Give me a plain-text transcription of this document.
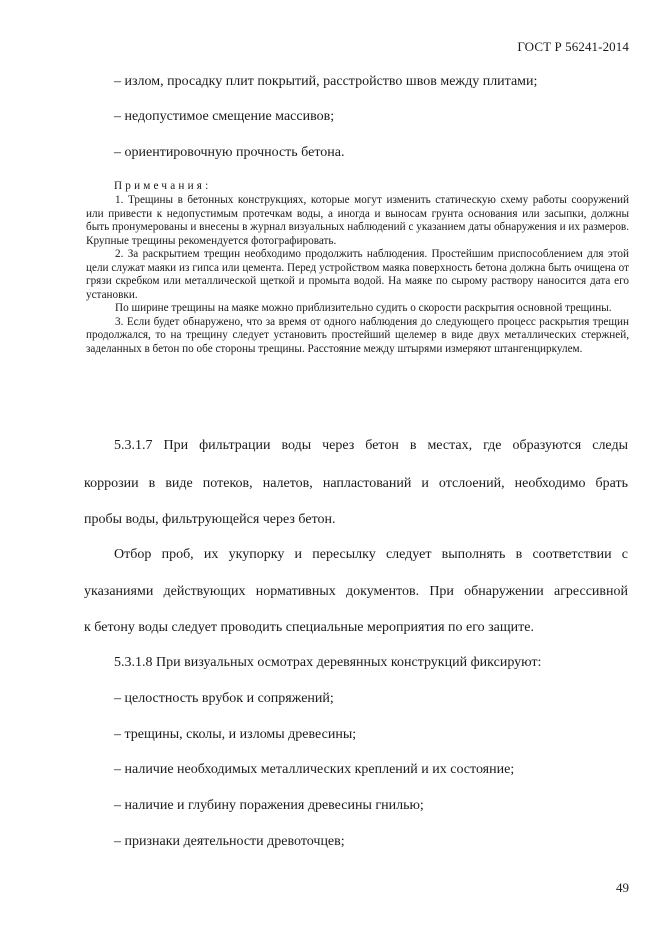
ГОСТ Р 56241-2014
– излом, просадку плит покрытий, расстройство швов между плитами;
– недопустимое смещение массивов;
– ориентировочную прочность бетона.
Примечания:
1. Трещины в бетонных конструкциях, которые могут изменить статическую схему работы сооружений или привести к недопустимым протечкам воды, а иногда и выносам грунта основания или засыпки, должны быть пронумерованы и внесены в журнал визуальных наблюдений с указанием даты обнаружения и их размеров. Крупные трещины рекомендуется фотографировать.
2. За раскрытием трещин необходимо продолжить наблюдения. Простейшим приспособлением для этой цели служат маяки из гипса или цемента. Перед устройством маяка поверхность бетона должна быть очищена от грязи скребком или металлической щеткой и промыта водой. На маяке по сырому раствору наносится дата его установки.
По ширине трещины на маяке можно приблизительно судить о скорости раскрытия основной трещины.
3. Если будет обнаружено, что за время от одного наблюдения до следующего процесс раскрытия трещин продолжался, то на трещину следует установить простейший щелемер в виде двух металлических стержней, заделанных в бетон по обе стороны трещины. Расстояние между штырями измеряют штангенциркулем.
5.3.1.7 При фильтрации воды через бетон в местах, где образуются следы
коррозии в виде потеков, налетов, напластований и отслоений, необходимо брать
пробы воды, фильтрующейся через бетон.
Отбор проб, их укупорку и пересылку следует выполнять в соответствии с
указаниями действующих нормативных документов. При обнаружении агрессивной
к бетону воды следует проводить специальные мероприятия по его защите.
5.3.1.8 При визуальных осмотрах деревянных конструкций фиксируют:
– целостность врубок и сопряжений;
– трещины, сколы, и изломы древесины;
– наличие необходимых металлических креплений и их состояние;
– наличие и глубину поражения древесины гнилью;
– признаки деятельности древоточцев;
49
